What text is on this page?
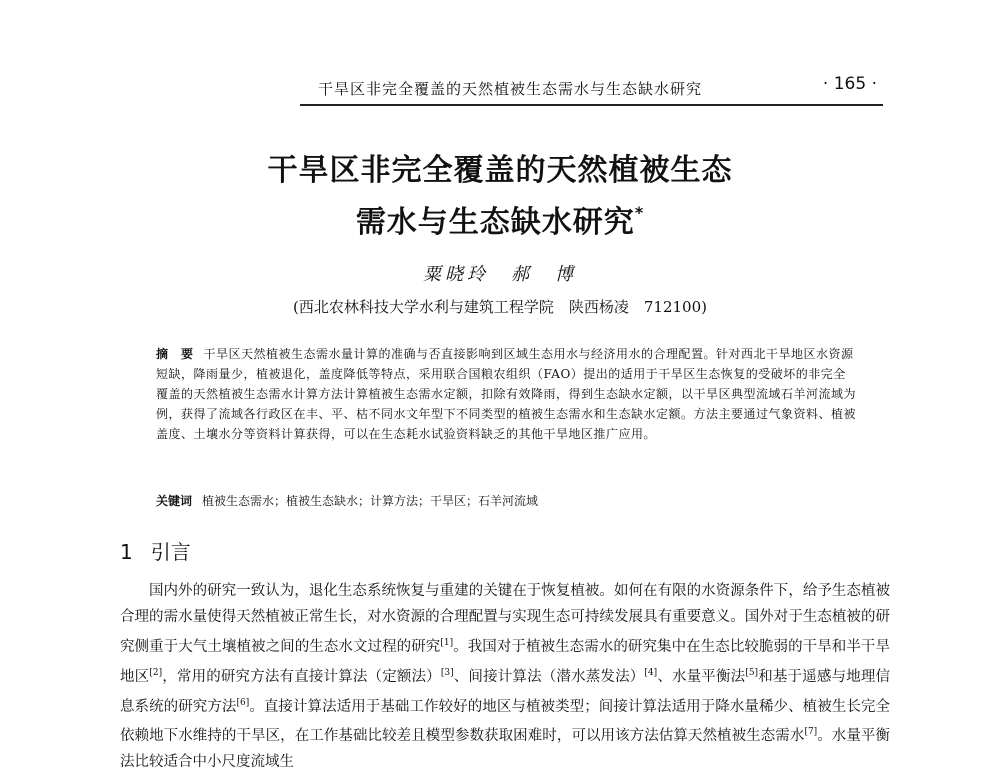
干旱区非完全覆盖的天然植被生态需水与生态缺水研究	· 165 ·
干旱区非完全覆盖的天然植被生态
需水与生态缺水研究*
粟晓玲　郝　博
(西北农林科技大学水利与建筑工程学院　陕西杨凌　712100)
摘　要 干旱区天然植被生态需水量计算的准确与否直接影响到区域生态用水与经济用水的合理配置。针对西北干旱地区水资源短缺，降雨量少，植被退化，盖度降低等特点，采用联合国粮农组织（FAO）提出的适用于干旱区生态恢复的受破坏的非完全覆盖的天然植被生态需水计算方法计算植被生态需水定额，扣除有效降雨，得到生态缺水定额，以干旱区典型流域石羊河流域为例，获得了流域各行政区在丰、平、枯不同水文年型下不同类型的植被生态需水和生态缺水定额。方法主要通过气象资料、植被盖度、土壤水分等资料计算获得，可以在生态耗水试验资料缺乏的其他干旱地区推广应用。
关键词 植被生态需水；植被生态缺水；计算方法；干旱区；石羊河流域
1 引言
国内外的研究一致认为，退化生态系统恢复与重建的关键在于恢复植被。如何在有限的水资源条件下，给予生态植被合理的需水量使得天然植被正常生长，对水资源的合理配置与实现生态可持续发展具有重要意义。国外对于生态植被的研究侧重于大气土壤植被之间的生态水文过程的研究[1]。我国对于植被生态需水的研究集中在生态比较脆弱的干旱和半干旱地区[2]，常用的研究方法有直接计算法（定额法）[3]、间接计算法（潜水蒸发法）[4]、水量平衡法[5]和基于遥感与地理信息系统的研究方法[6]。直接计算法适用于基础工作较好的地区与植被类型；间接计算法适用于降水量稀少、植被生长完全依赖地下水维持的干旱区，在工作基础比较差且模型参数获取困难时，可以用该方法估算天然植被生态需水[7]。水量平衡法比较适合中小尺度流域生
